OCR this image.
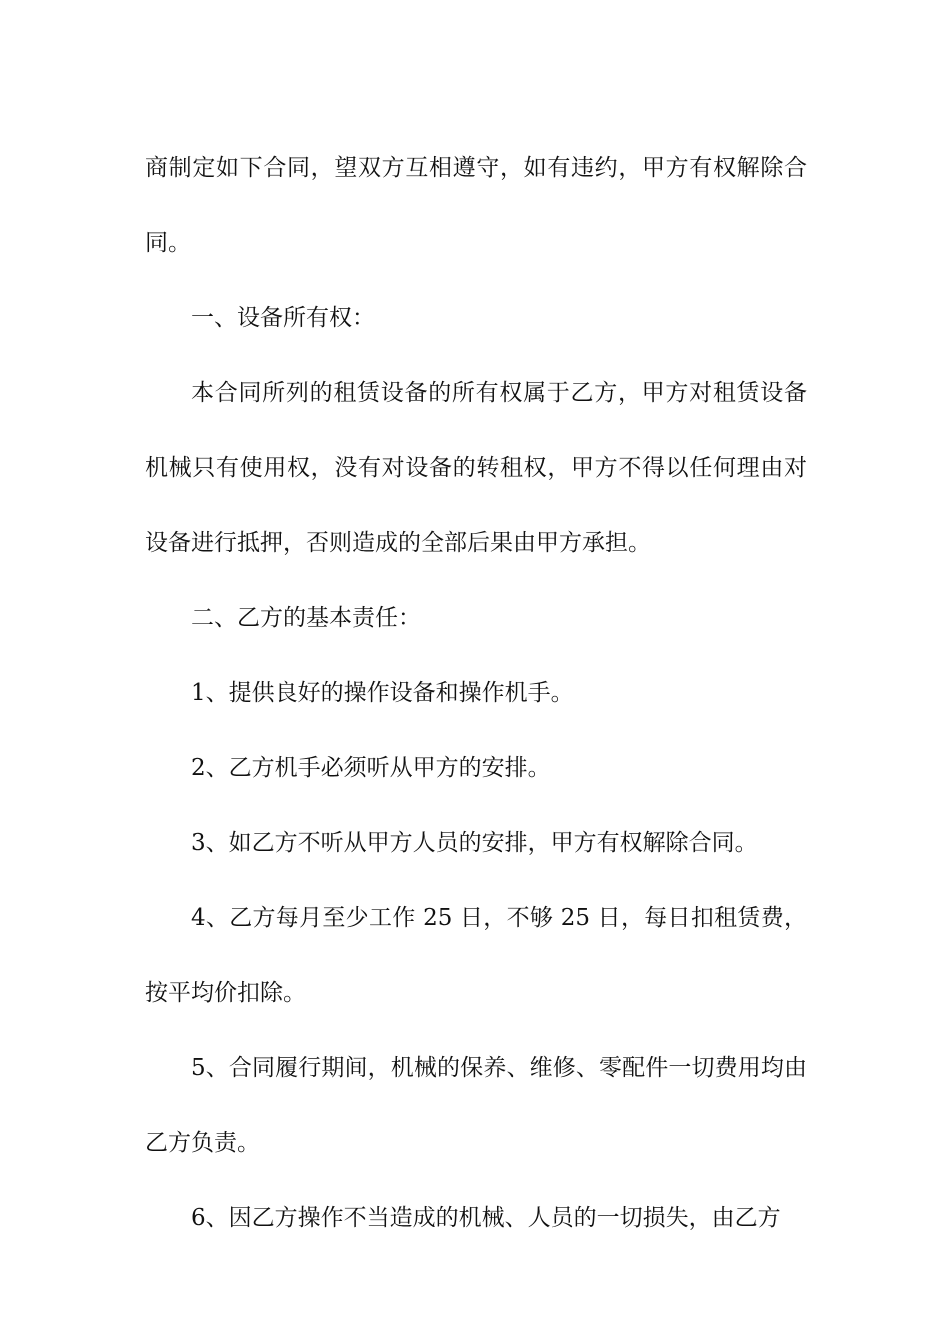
商制定如下合同，望双方互相遵守，如有违约，甲方有权解除合同。

一、设备所有权：

本合同所列的租赁设备的所有权属于乙方，甲方对租赁设备机械只有使用权，没有对设备的转租权，甲方不得以任何理由对设备进行抵押，否则造成的全部后果由甲方承担。

二、乙方的基本责任：

1、提供良好的操作设备和操作机手。

2、乙方机手必须听从甲方的安排。

3、如乙方不听从甲方人员的安排，甲方有权解除合同。

4、乙方每月至少工作 25 日，不够 25 日，每日扣租赁费，按平均价扣除。

5、合同履行期间，机械的保养、维修、零配件一切费用均由乙方负责。

6、因乙方操作不当造成的机械、人员的一切损失，由乙方
